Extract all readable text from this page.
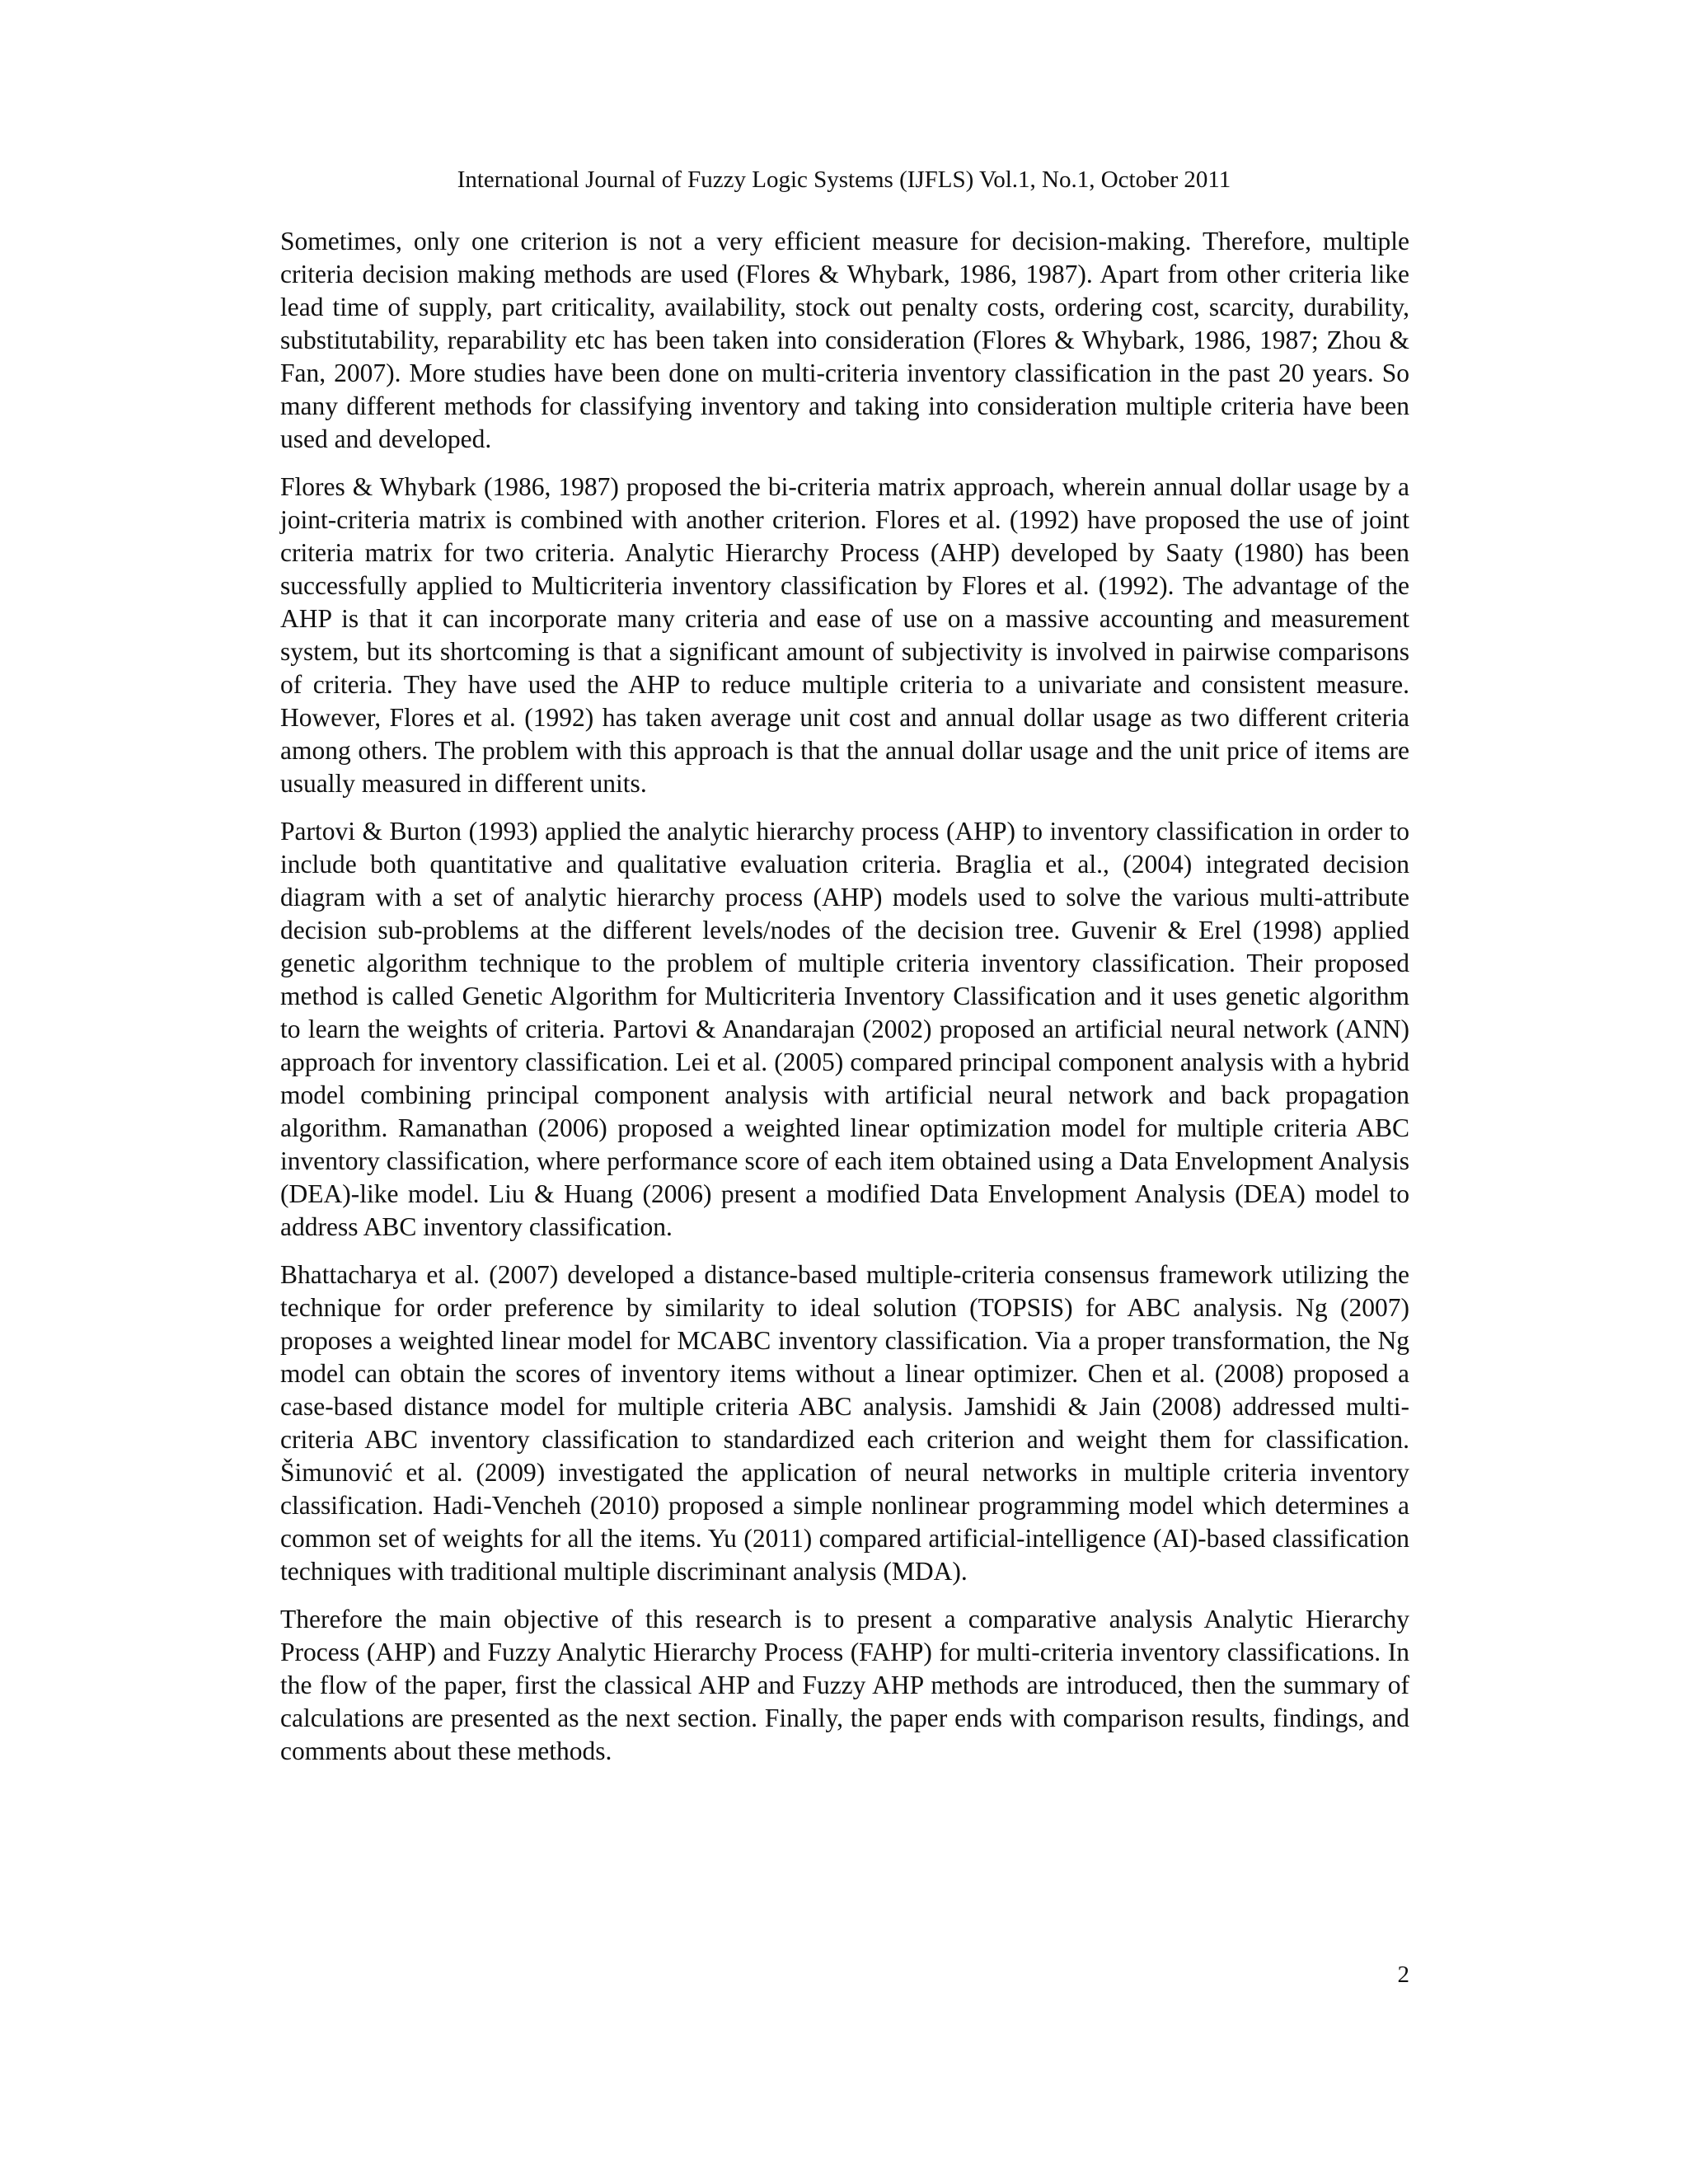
International Journal of Fuzzy Logic Systems (IJFLS) Vol.1, No.1, October 2011

Sometimes, only one criterion is not a very efficient measure for decision-making. Therefore, multiple criteria decision making methods are used (Flores & Whybark, 1986, 1987). Apart from other criteria like lead time of supply, part criticality, availability, stock out penalty costs, ordering cost, scarcity, durability, substitutability, reparability etc has been taken into consideration (Flores & Whybark, 1986, 1987; Zhou & Fan, 2007). More studies have been done on multi-criteria inventory classification in the past 20 years. So many different methods for classifying inventory and taking into consideration multiple criteria have been used and developed.

Flores & Whybark (1986, 1987) proposed the bi-criteria matrix approach, wherein annual dollar usage by a joint-criteria matrix is combined with another criterion. Flores et al. (1992) have proposed the use of joint criteria matrix for two criteria. Analytic Hierarchy Process (AHP) developed by Saaty (1980) has been successfully applied to Multicriteria inventory classification by Flores et al. (1992). The advantage of the AHP is that it can incorporate many criteria and ease of use on a massive accounting and measurement system, but its shortcoming is that a significant amount of subjectivity is involved in pairwise comparisons of criteria. They have used the AHP to reduce multiple criteria to a univariate and consistent measure. However, Flores et al. (1992) has taken average unit cost and annual dollar usage as two different criteria among others. The problem with this approach is that the annual dollar usage and the unit price of items are usually measured in different units.

Partovi & Burton (1993) applied the analytic hierarchy process (AHP) to inventory classification in order to include both quantitative and qualitative evaluation criteria. Braglia et al., (2004) integrated decision diagram with a set of analytic hierarchy process (AHP) models used to solve the various multi-attribute decision sub-problems at the different levels/nodes of the decision tree. Guvenir & Erel (1998) applied genetic algorithm technique to the problem of multiple criteria inventory classification. Their proposed method is called Genetic Algorithm for Multicriteria Inventory Classification and it uses genetic algorithm to learn the weights of criteria. Partovi & Anandarajan (2002) proposed an artificial neural network (ANN) approach for inventory classification. Lei et al. (2005) compared principal component analysis with a hybrid model combining principal component analysis with artificial neural network and back propagation algorithm. Ramanathan (2006) proposed a weighted linear optimization model for multiple criteria ABC inventory classification, where performance score of each item obtained using a Data Envelopment Analysis (DEA)-like model. Liu & Huang (2006) present a modified Data Envelopment Analysis (DEA) model to address ABC inventory classification.

Bhattacharya et al. (2007) developed a distance-based multiple-criteria consensus framework utilizing the technique for order preference by similarity to ideal solution (TOPSIS) for ABC analysis. Ng (2007) proposes a weighted linear model for MCABC inventory classification. Via a proper transformation, the Ng model can obtain the scores of inventory items without a linear optimizer. Chen et al. (2008) proposed a case-based distance model for multiple criteria ABC analysis. Jamshidi & Jain (2008) addressed multi-criteria ABC inventory classification to standardized each criterion and weight them for classification. Šimunović et al. (2009) investigated the application of neural networks in multiple criteria inventory classification. Hadi-Vencheh (2010) proposed a simple nonlinear programming model which determines a common set of weights for all the items. Yu (2011) compared artificial-intelligence (AI)-based classification techniques with traditional multiple discriminant analysis (MDA).

Therefore the main objective of this research is to present a comparative analysis Analytic Hierarchy Process (AHP) and Fuzzy Analytic Hierarchy Process (FAHP) for multi-criteria inventory classifications. In the flow of the paper, first the classical AHP and Fuzzy AHP methods are introduced, then the summary of calculations are presented as the next section. Finally, the paper ends with comparison results, findings, and comments about these methods.

2
